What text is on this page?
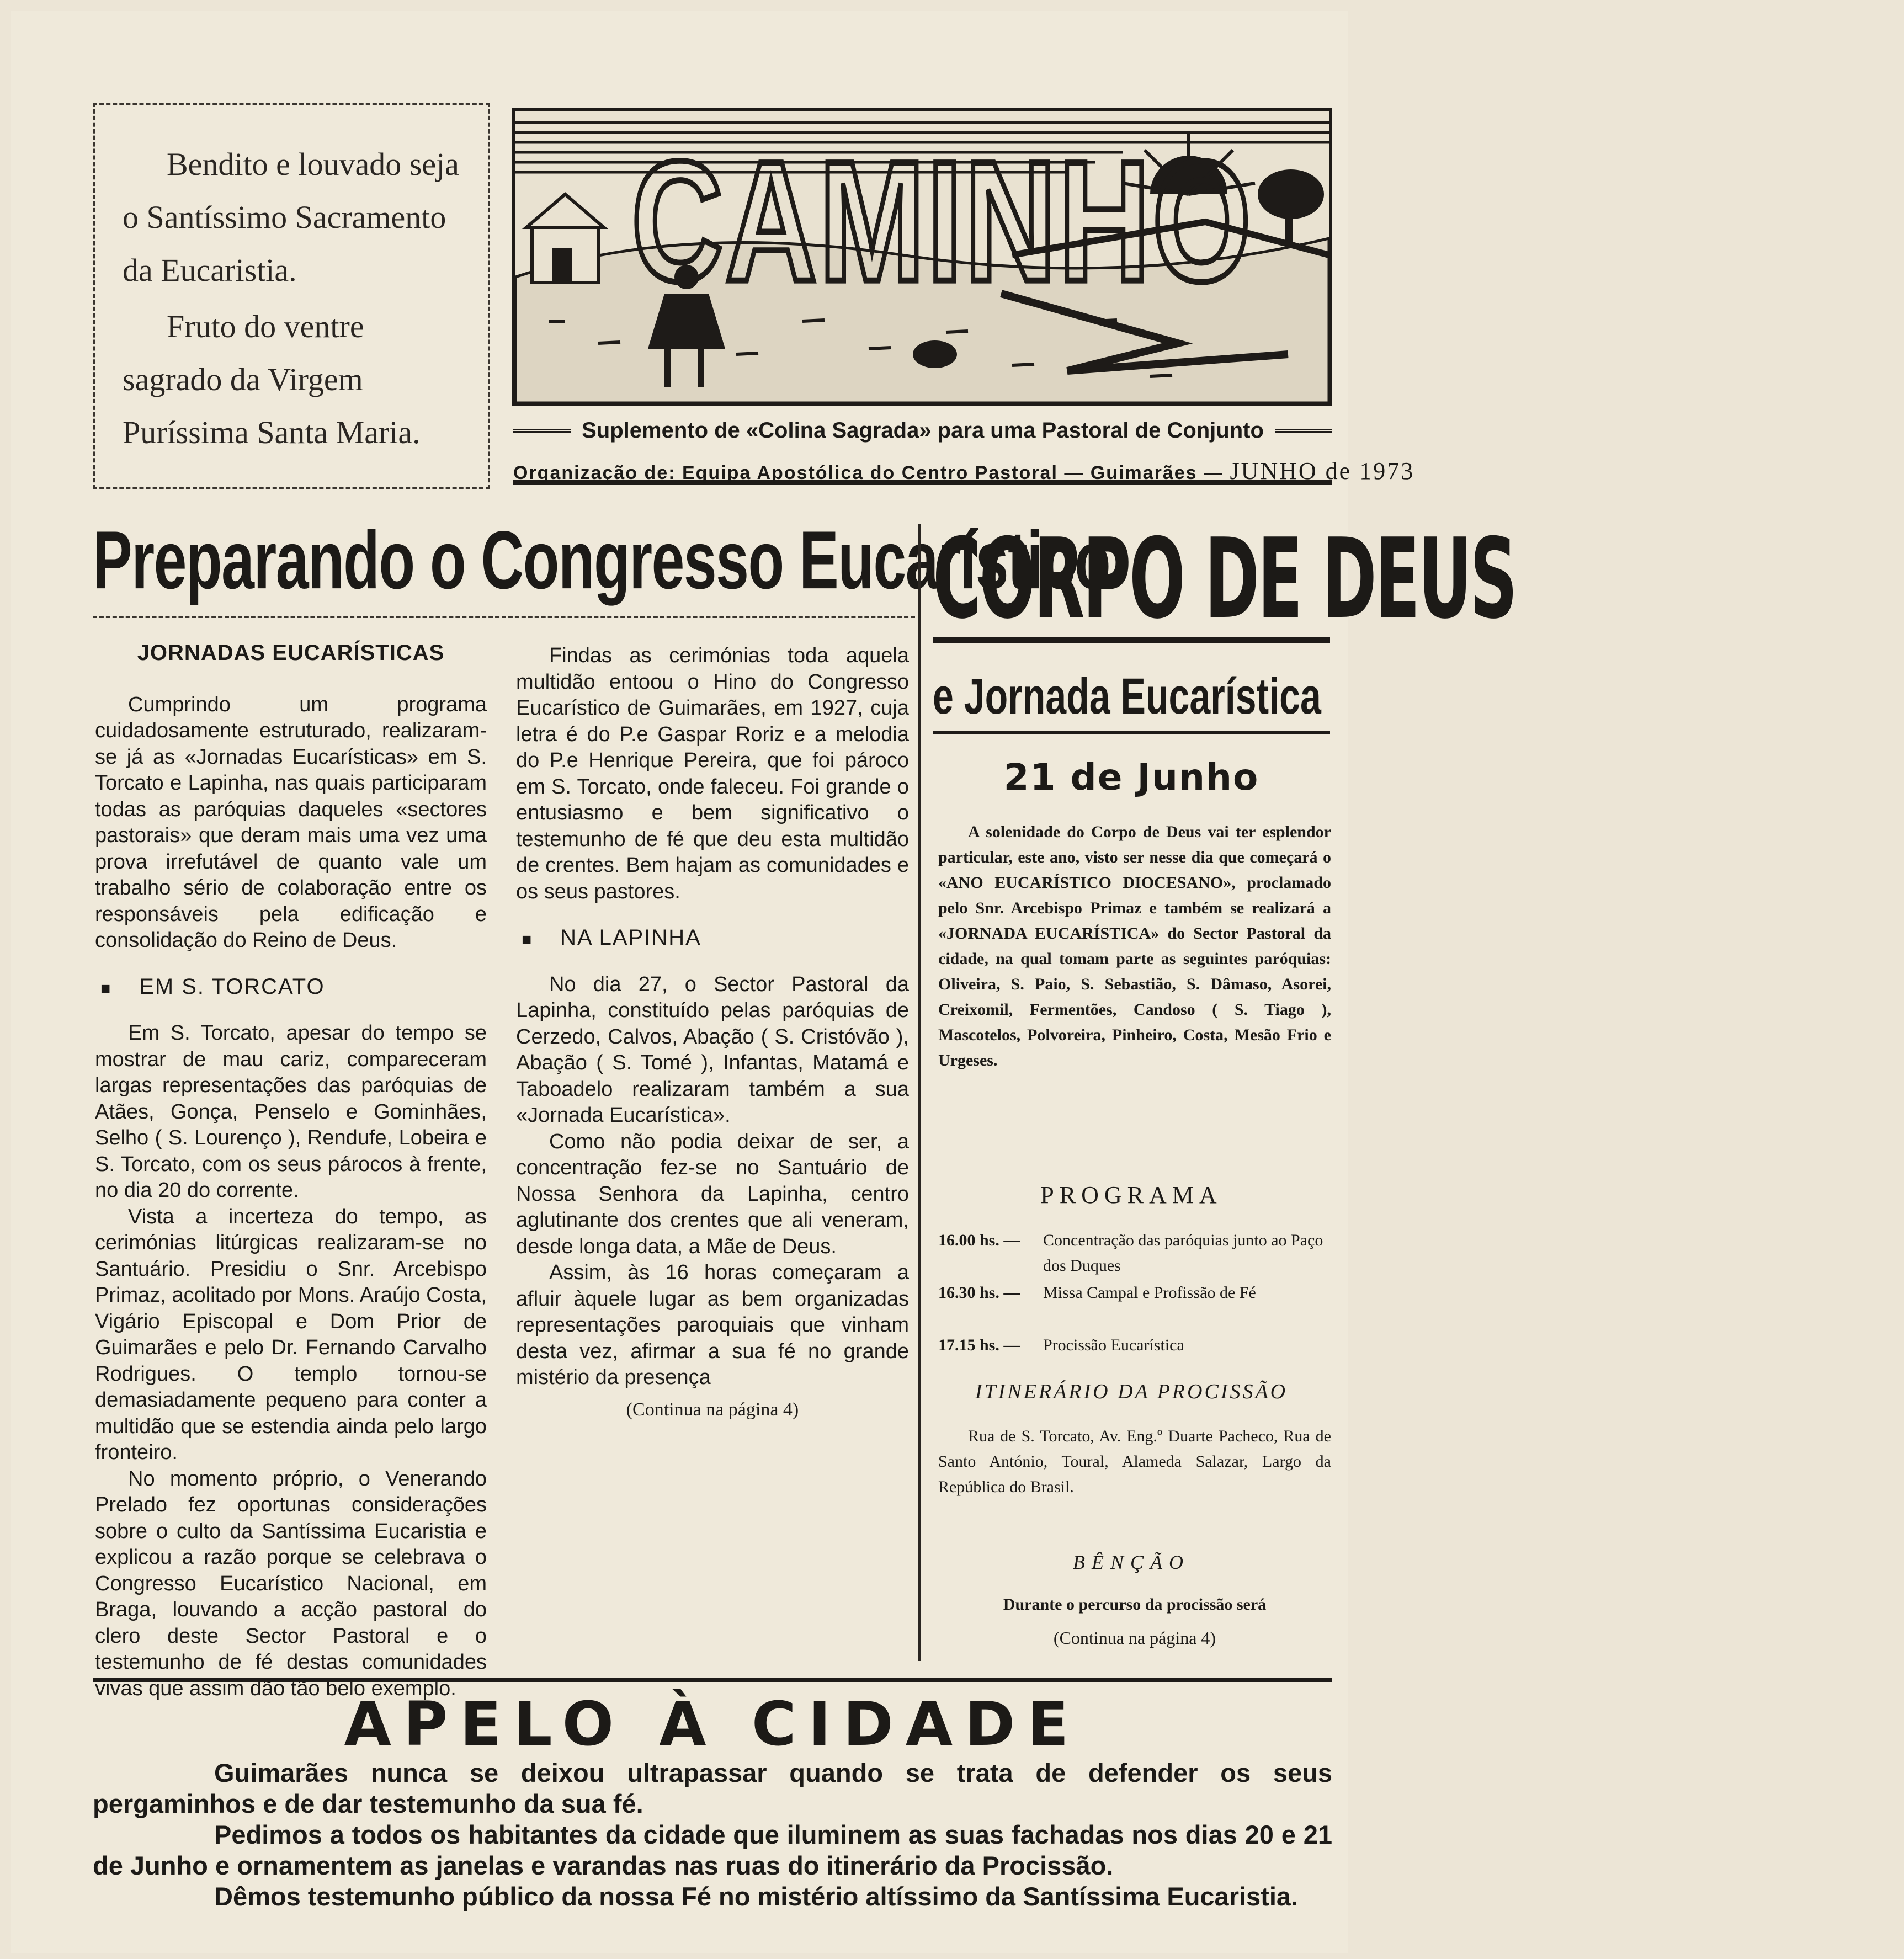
Bendito e louvado seja o Santíssimo Sacramento da Eucaristia.

Fruto do ventre sagrado da Virgem Puríssima Santa Maria.

CAMINHO
Suplemento de «Colina Sagrada» para uma Pastoral de Conjunto
Organização de: Equipa Apostólica do Centro Pastoral — Guimarães — JUNHO de 1973
Preparando o Congresso Eucarístico

JORNADAS EUCARÍSTICAS

Cumprindo um programa cuidadosamente estruturado, realizaram-se já as «Jornadas Eucarísticas» em S. Torcato e Lapinha, nas quais participaram todas as paróquias daqueles «sectores pastorais» que deram mais uma vez uma prova irrefutável de quanto vale um trabalho sério de colaboração entre os responsáveis pela edificação e consolidação do Reino de Deus.

■ EM S. TORCATO

Em S. Torcato, apesar do tempo se mostrar de mau cariz, compareceram largas representações das paróquias de Atães, Gonça, Penselo e Gominhães, Selho ( S. Lourenço ), Rendufe, Lobeira e S. Torcato, com os seus párocos à frente, no dia 20 do corrente.

Vista a incerteza do tempo, as cerimónias litúrgicas realizaram-se no Santuário. Presidiu o Snr. Arcebispo Primaz, acolitado por Mons. Araújo Costa, Vigário Episcopal e Dom Prior de Guimarães e pelo Dr. Fernando Carvalho Rodrigues. O templo tornou-se demasiadamente pequeno para conter a multidão que se estendia ainda pelo largo fronteiro.

No momento próprio, o Venerando Prelado fez oportunas considerações sobre o culto da Santíssima Eucaristia e explicou a razão porque se celebrava o Congresso Eucarístico Nacional, em Braga, louvando a acção pastoral do clero deste Sector Pastoral e o testemunho de fé destas comunidades vivas que assim dão tão belo exemplo.

Findas as cerimónias toda aquela multidão entoou o Hino do Congresso Eucarístico de Guimarães, em 1927, cuja letra é do P.e Gaspar Roriz e a melodia do P.e Henrique Pereira, que foi pároco em S. Torcato, onde faleceu. Foi grande o entusiasmo e bem significativo o testemunho de fé que deu esta multidão de crentes. Bem hajam as comunidades e os seus pastores.

■ NA LAPINHA

No dia 27, o Sector Pastoral da Lapinha, constituído pelas paróquias de Cerzedo, Calvos, Abação ( S. Cristóvão ), Abação ( S. Tomé ), Infantas, Matamá e Taboadelo realizaram também a sua «Jornada Eucarística».

Como não podia deixar de ser, a concentração fez-se no Santuário de Nossa Senhora da Lapinha, centro aglutinante dos crentes que ali veneram, desde longa data, a Mãe de Deus.

Assim, às 16 horas começaram a afluir àquele lugar as bem organizadas representações paroquiais que vinham desta vez, afirmar a sua fé no grande mistério da presença

(Continua na página 4)

CORPO DE DEUS
e Jornada Eucarística
21 de Junho

A solenidade do Corpo de Deus vai ter esplendor particular, este ano, visto ser nesse dia que começará o «ANO EUCARÍSTICO DIOCESANO», proclamado pelo Snr. Arcebispo Primaz e também se realizará a «JORNADA EUCARÍSTICA» do Sector Pastoral da cidade, na qual tomam parte as seguintes paróquias: Oliveira, S. Paio, S. Sebastião, S. Dâmaso, Asorei, Creixomil, Fermentões, Candoso ( S. Tiago ), Mascotelos, Polvoreira, Pinheiro, Costa, Mesão Frio e Urgeses.

PROGRAMA
16.00 hs. —	Concentração das paróquias junto ao Paço dos Duques
16.30 hs. —	Missa Campal e Profissão de Fé
17.15 hs. —	Procissão Eucarística
ITINERÁRIO DA PROCISSÃO

Rua de S. Torcato, Av. Eng.º Duarte Pacheco, Rua de Santo António, Toural, Alameda Salazar, Largo da República do Brasil.

BÊNÇÃO

Durante o percurso da procissão será

(Continua na página 4)

APELO À CIDADE

Guimarães nunca se deixou ultrapassar quando se trata de defender os seus pergaminhos e de dar testemunho da sua fé.

Pedimos a todos os habitantes da cidade que iluminem as suas fachadas nos dias 20 e 21 de Junho e ornamentem as janelas e varandas nas ruas do itinerário da Procissão.

Dêmos testemunho público da nossa Fé no mistério altíssimo da Santíssima Eucaristia.
